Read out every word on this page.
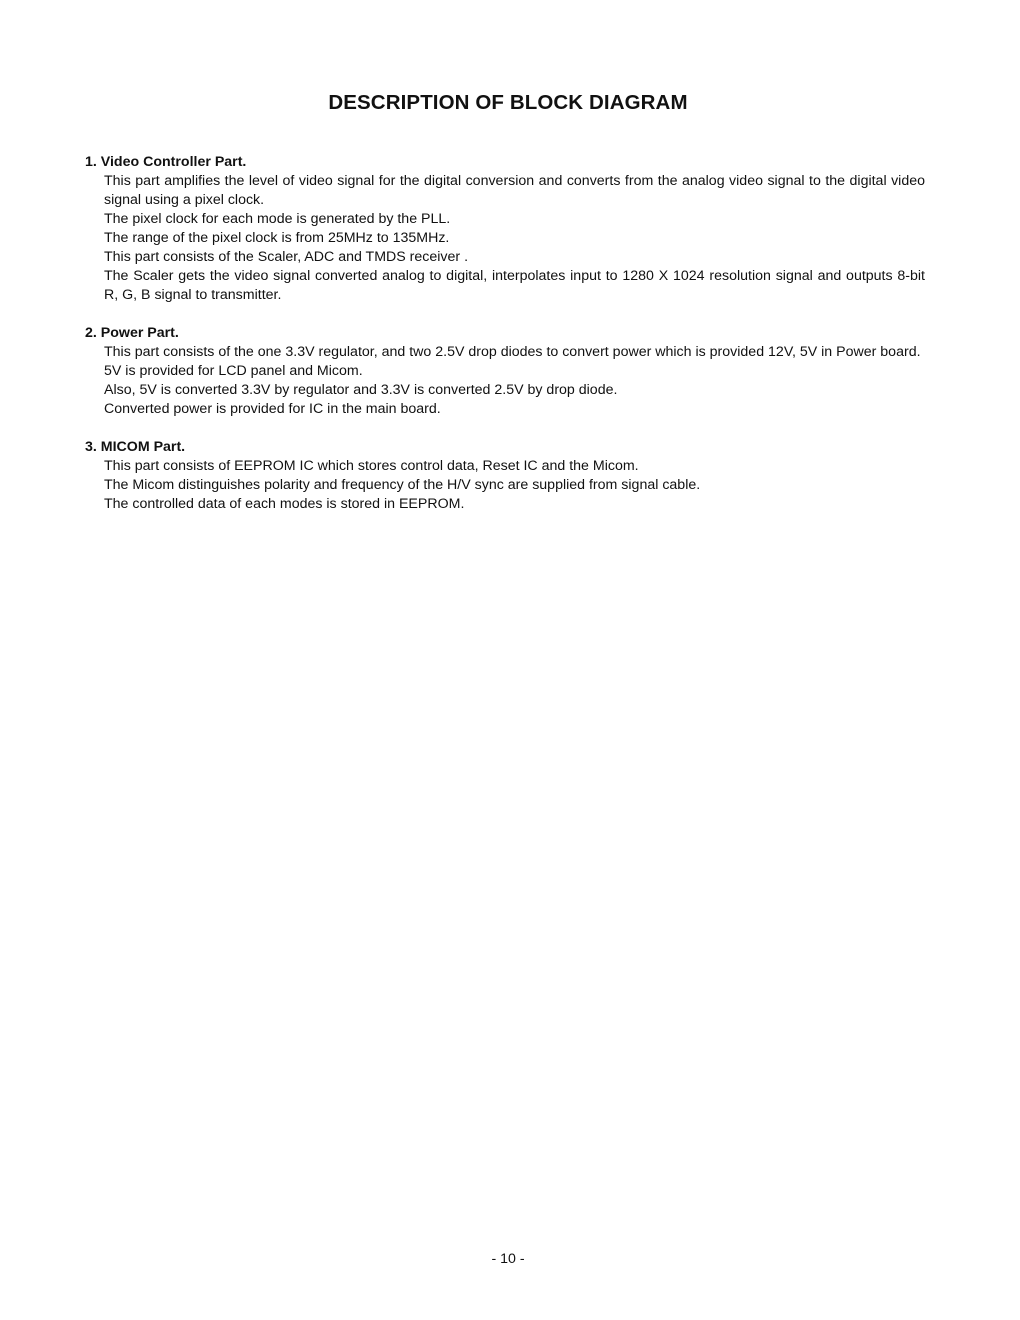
DESCRIPTION OF BLOCK DIAGRAM

1. Video Controller Part.

This part amplifies the level of video signal for the digital conversion and converts from the analog video signal to the digital video signal using a pixel clock.

The pixel clock for each mode is generated by the PLL.

The range of the pixel clock is from 25MHz to 135MHz.

This part consists of the Scaler, ADC and TMDS receiver .

The Scaler gets the video signal converted analog to digital, interpolates input to 1280 X 1024 resolution signal and outputs 8-bit R, G, B signal to transmitter.

2. Power Part.

This part consists of the one 3.3V regulator, and two 2.5V drop diodes to convert power which is provided 12V, 5V in Power board.

5V is provided for LCD panel and Micom.

Also, 5V is converted 3.3V by regulator and 3.3V is converted 2.5V by drop diode.

Converted power is provided for IC in the main board.

3. MICOM Part.

This part consists of EEPROM IC which stores control data, Reset IC and the Micom.

The Micom distinguishes polarity and frequency of the H/V sync are supplied from signal cable.

The controlled data of each modes is stored in EEPROM.

- 10 -
